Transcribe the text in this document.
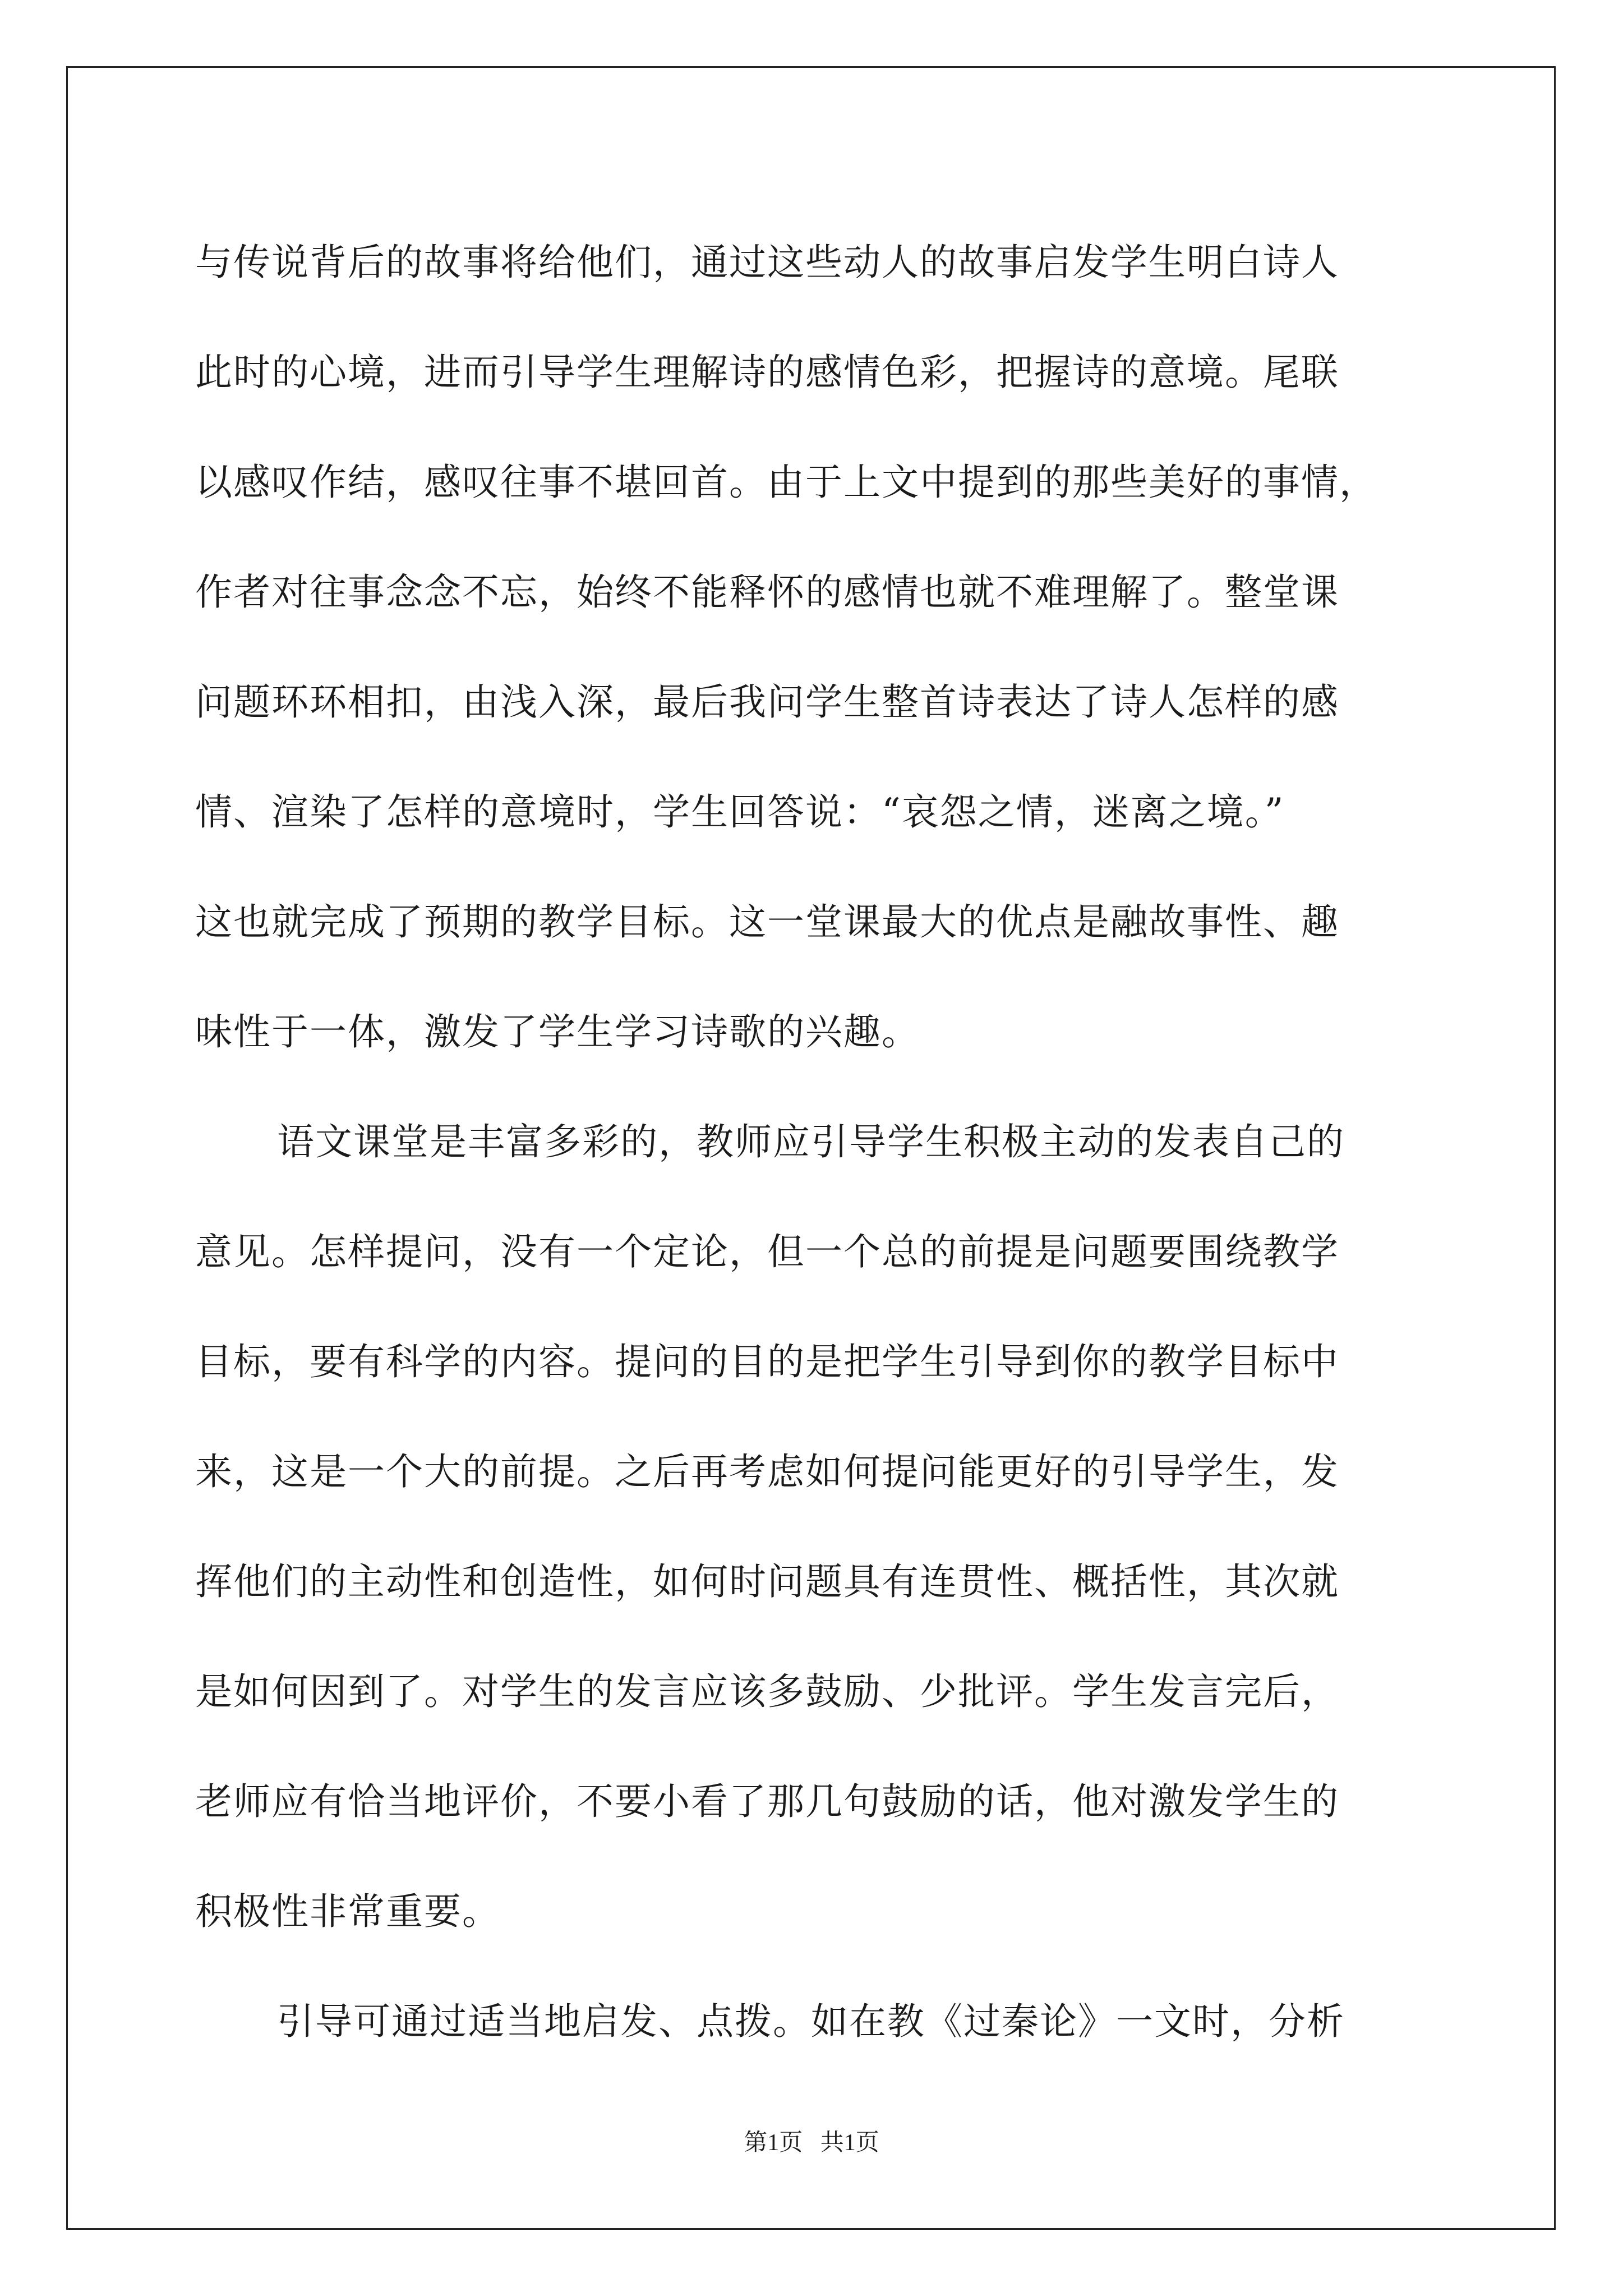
与传说背后的故事将给他们，通过这些动人的故事启发学生明白诗人
此时的心境，进而引导学生理解诗的感情色彩，把握诗的意境。尾联
以感叹作结，感叹往事不堪回首。由于上文中提到的那些美好的事情，
作者对往事念念不忘，始终不能释怀的感情也就不难理解了。整堂课
问题环环相扣，由浅入深，最后我问学生整首诗表达了诗人怎样的感
情、渲染了怎样的意境时，学生回答说：“哀怨之情，迷离之境。”
这也就完成了预期的教学目标。这一堂课最大的优点是融故事性、趣
味性于一体，激发了学生学习诗歌的兴趣。
语文课堂是丰富多彩的，教师应引导学生积极主动的发表自己的
意见。怎样提问，没有一个定论，但一个总的前提是问题要围绕教学
目标，要有科学的内容。提问的目的是把学生引导到你的教学目标中
来，这是一个大的前提。之后再考虑如何提问能更好的引导学生，发
挥他们的主动性和创造性，如何时问题具有连贯性、概括性，其次就
是如何因到了。对学生的发言应该多鼓励、少批评。学生发言完后，
老师应有恰当地评价，不要小看了那几句鼓励的话，他对激发学生的
积极性非常重要。
引导可通过适当地启发、点拨。如在教《过秦论》一文时，分析
第1页 共1页
